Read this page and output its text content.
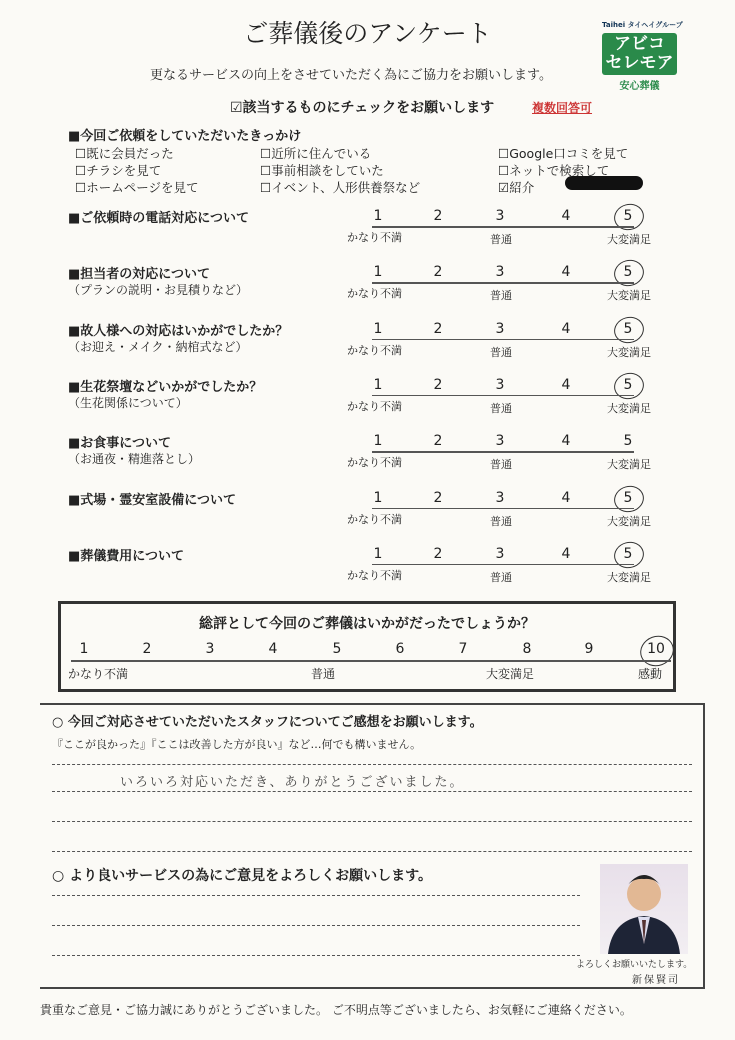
ご葬儀後のアンケート
更なるサービスの向上をさせていただく為にご協力をお願いします。
Taihei タイヘイグループ
アビコ
セレモア
安心葬儀
☑該当するものにチェックをお願いします	複数回答可
■今回ご依頼をしていただいたきっかけ
総評として今回のご葬儀はいかがだったでしょうか？
1	2	3	4	5	6	7	8	9	10
かなり不満	普通	大変満足	感動
○ 今回ご対応させていただいたスタッフについてご感想をお願いします。
『ここが良かった』『ここは改善した方が良い』など…何でも構いません。
いろいろ対応いただき、ありがとうございました。
○ より良いサービスの為にご意見をよろしくお願いします。
よろしくお願いいたします。
新保賢司
貴重なご意見・ご協力誠にありがとうございました。 ご不明点等ございましたら、お気軽にご連絡ください。
☐既に会員だった	☐近所に住んでいる	☐Google口コミを見て
☐チラシを見て	☐事前相談をしていた	☐ネットで検索して
☐ホームページを見て	☐イベント、人形供養祭など	☑紹介
■ご依頼時の電話対応について	1	2	3	4	5
かなり不満	普通	大変満足
■担当者の対応について
（プランの説明・お見積りなど）
1	2	3	4	5
かなり不満	普通	大変満足
■故人様への対応はいかがでしたか？
（お迎え・メイク・納棺式など）
1	2	3	4	5
かなり不満	普通	大変満足
■生花祭壇などいかがでしたか？
（生花関係について）
1	2	3	4	5
かなり不満	普通	大変満足
■お食事について
（お通夜・精進落とし）
1	2	3	4	5
かなり不満	普通	大変満足
■式場・霊安室設備について	1	2	3	4	5
かなり不満	普通	大変満足
■葬儀費用について	1	2	3	4	5
かなり不満	普通	大変満足
